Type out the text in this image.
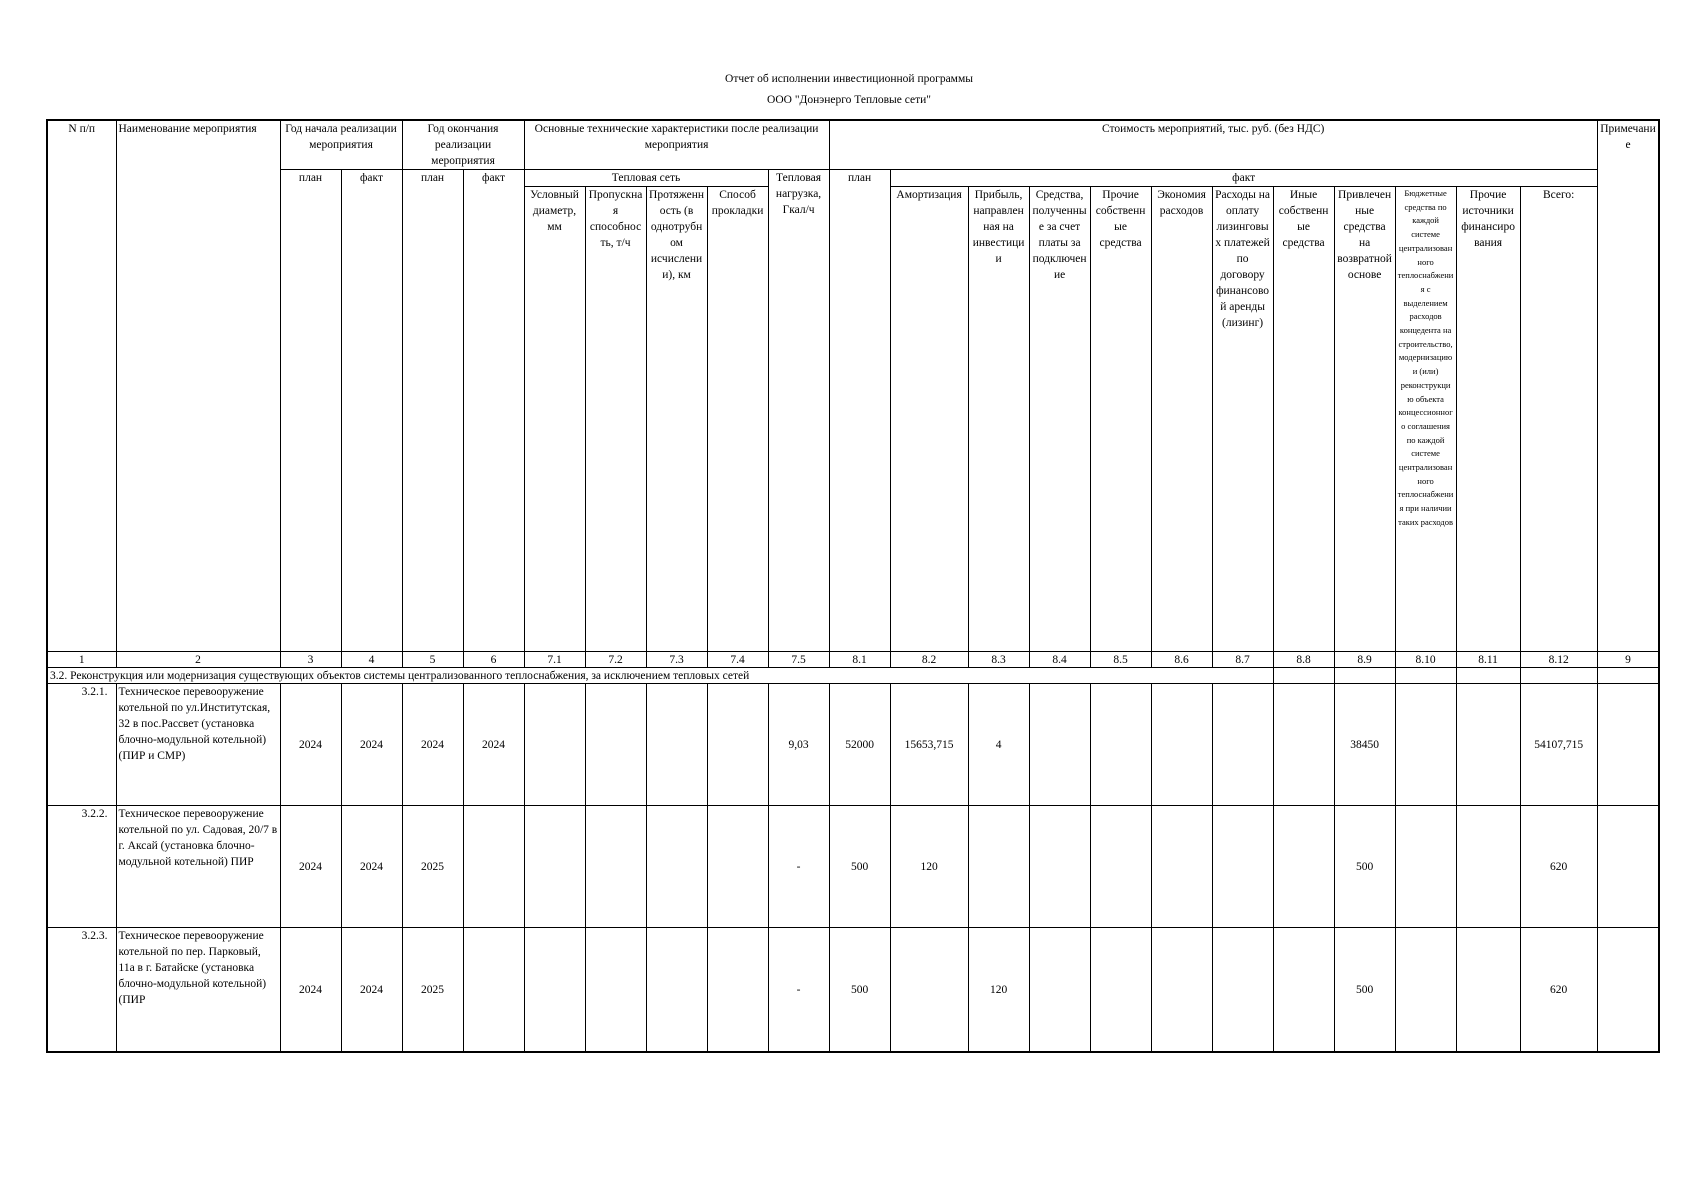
Отчет об исполнении инвестиционной программы
ООО "Донэнерго Тепловые сети"
N п/п	Наименование мероприятия	Год начала реализации мероприятия		Год окончания реализации мероприятия		Основные технические характеристики после реализации мероприятия					Стоимость мероприятий, тыс. руб. (без НДС)												Примечание
		план	факт	план	факт	Тепловая сеть				Тепловая нагрузка, Гкал/ч	план	факт											
						Условный диаметр, мм	Пропускная способность, т/ч	Протяженность (в однотрубном исчислении), км	Способ прокладки			Амортизация	Прибыль, направленная на инвестиции	Средства, полученные за счет платы за подключение	Прочие собственные средства	Экономия расходов	Расходы на оплату лизинговых платежей по договору финансовой аренды (лизинг)	Иные собственные средства	Привлеченные средства на возвратной основе	Бюджетные средства по каждой системе централизованного теплоснабжения с выделением расходов концедента на строительство, модернизацию и (или) реконструкцию объекта концессионного соглашения по каждой системе централизованного теплоснабжения при наличии таких расходов	Прочие источники финансирования	Всего:	
1	2	3	4	5	6	7.1	7.2	7.3	7.4	7.5	8.1	8.2	8.3	8.4	8.5	8.6	8.7	8.8	8.9	8.10	8.11	8.12	9
3.2. Реконструкция или модернизация существующих объектов системы централизованного теплоснабжения, за исключением тепловых сетей																							
3.2.1.	Техническое перевооружение котельной по ул.Институтская, 32 в пос.Рассвет (установка блочно-модульной котельной) (ПИР и СМР)	2024	2024	2024	2024					9,03	52000	15653,715	4						38450			54107,715	
3.2.2.	Техническое перевооружение котельной по ул. Садовая, 20/7 в г. Аксай (установка блочно-модульной котельной) ПИР	2024	2024	2025						-	500	120							500			620	
3.2.3.	Техническое перевооружение котельной по пер. Парковый, 11а в г. Батайске (установка блочно-модульной котельной) (ПИР	2024	2024	2025						-	500		120						500			620	
